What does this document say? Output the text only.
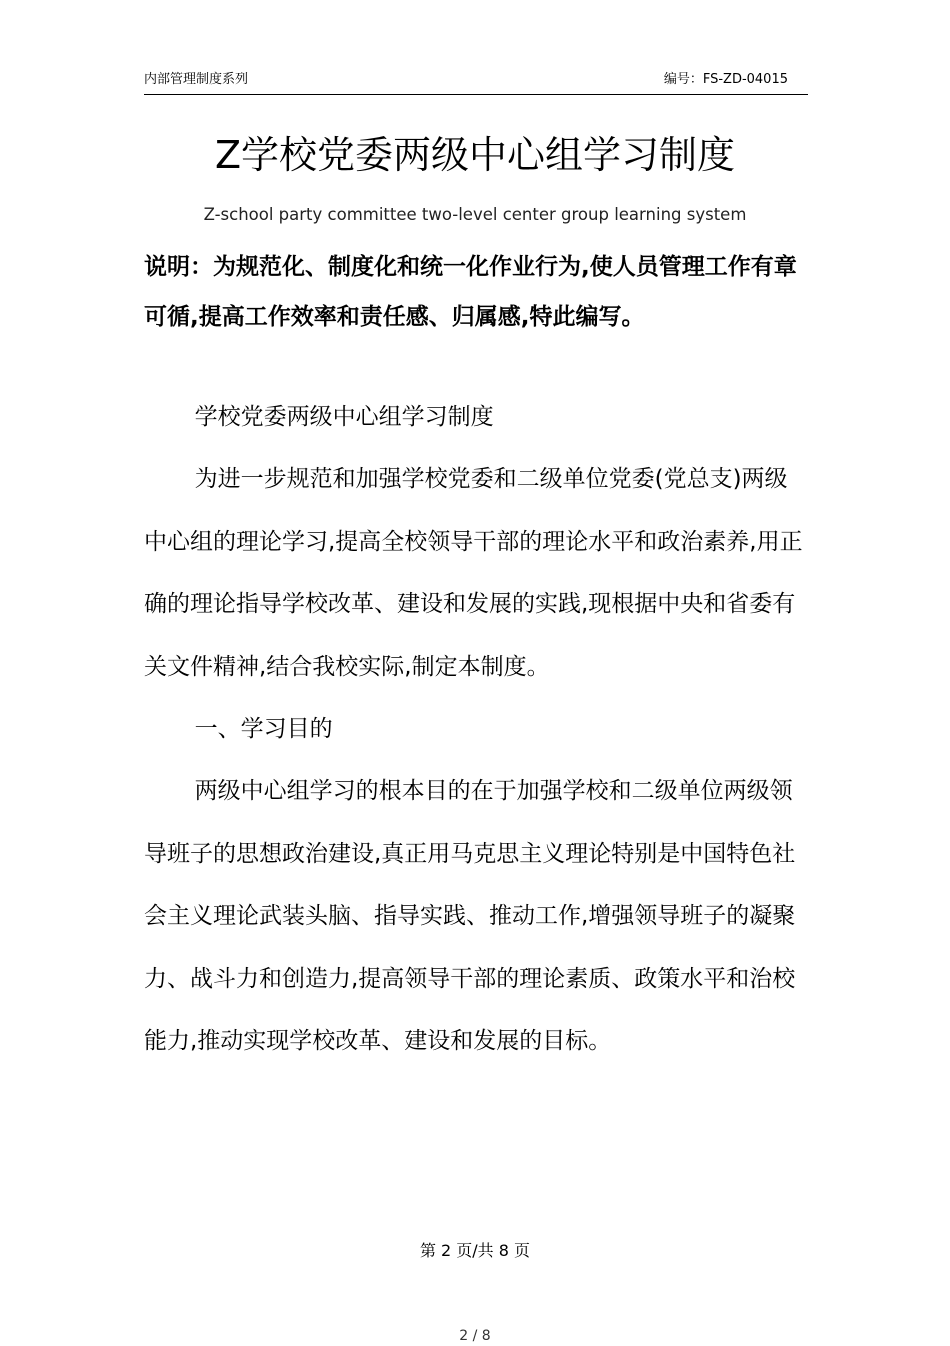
内部管理制度系列	编号：FS-ZD-04015
Z学校党委两级中心组学习制度
Z-school party committee two-level center group learning system

说明：为规范化、制度化和统一化作业行为,使人员管理工作有章可循,提高工作效率和责任感、归属感,特此编写。

学校党委两级中心组学习制度

为进一步规范和加强学校党委和二级单位党委(党总支)两级中心组的理论学习,提高全校领导干部的理论水平和政治素养,用正确的理论指导学校改革、建设和发展的实践,现根据中央和省委有关文件精神,结合我校实际,制定本制度。

一、学习目的

两级中心组学习的根本目的在于加强学校和二级单位两级领导班子的思想政治建设,真正用马克思主义理论特别是中国特色社会主义理论武装头脑、指导实践、推动工作,增强领导班子的凝聚力、战斗力和创造力,提高领导干部的理论素质、政策水平和治校能力,推动实现学校改革、建设和发展的目标。

第 2 页/共 8 页
2 / 8
